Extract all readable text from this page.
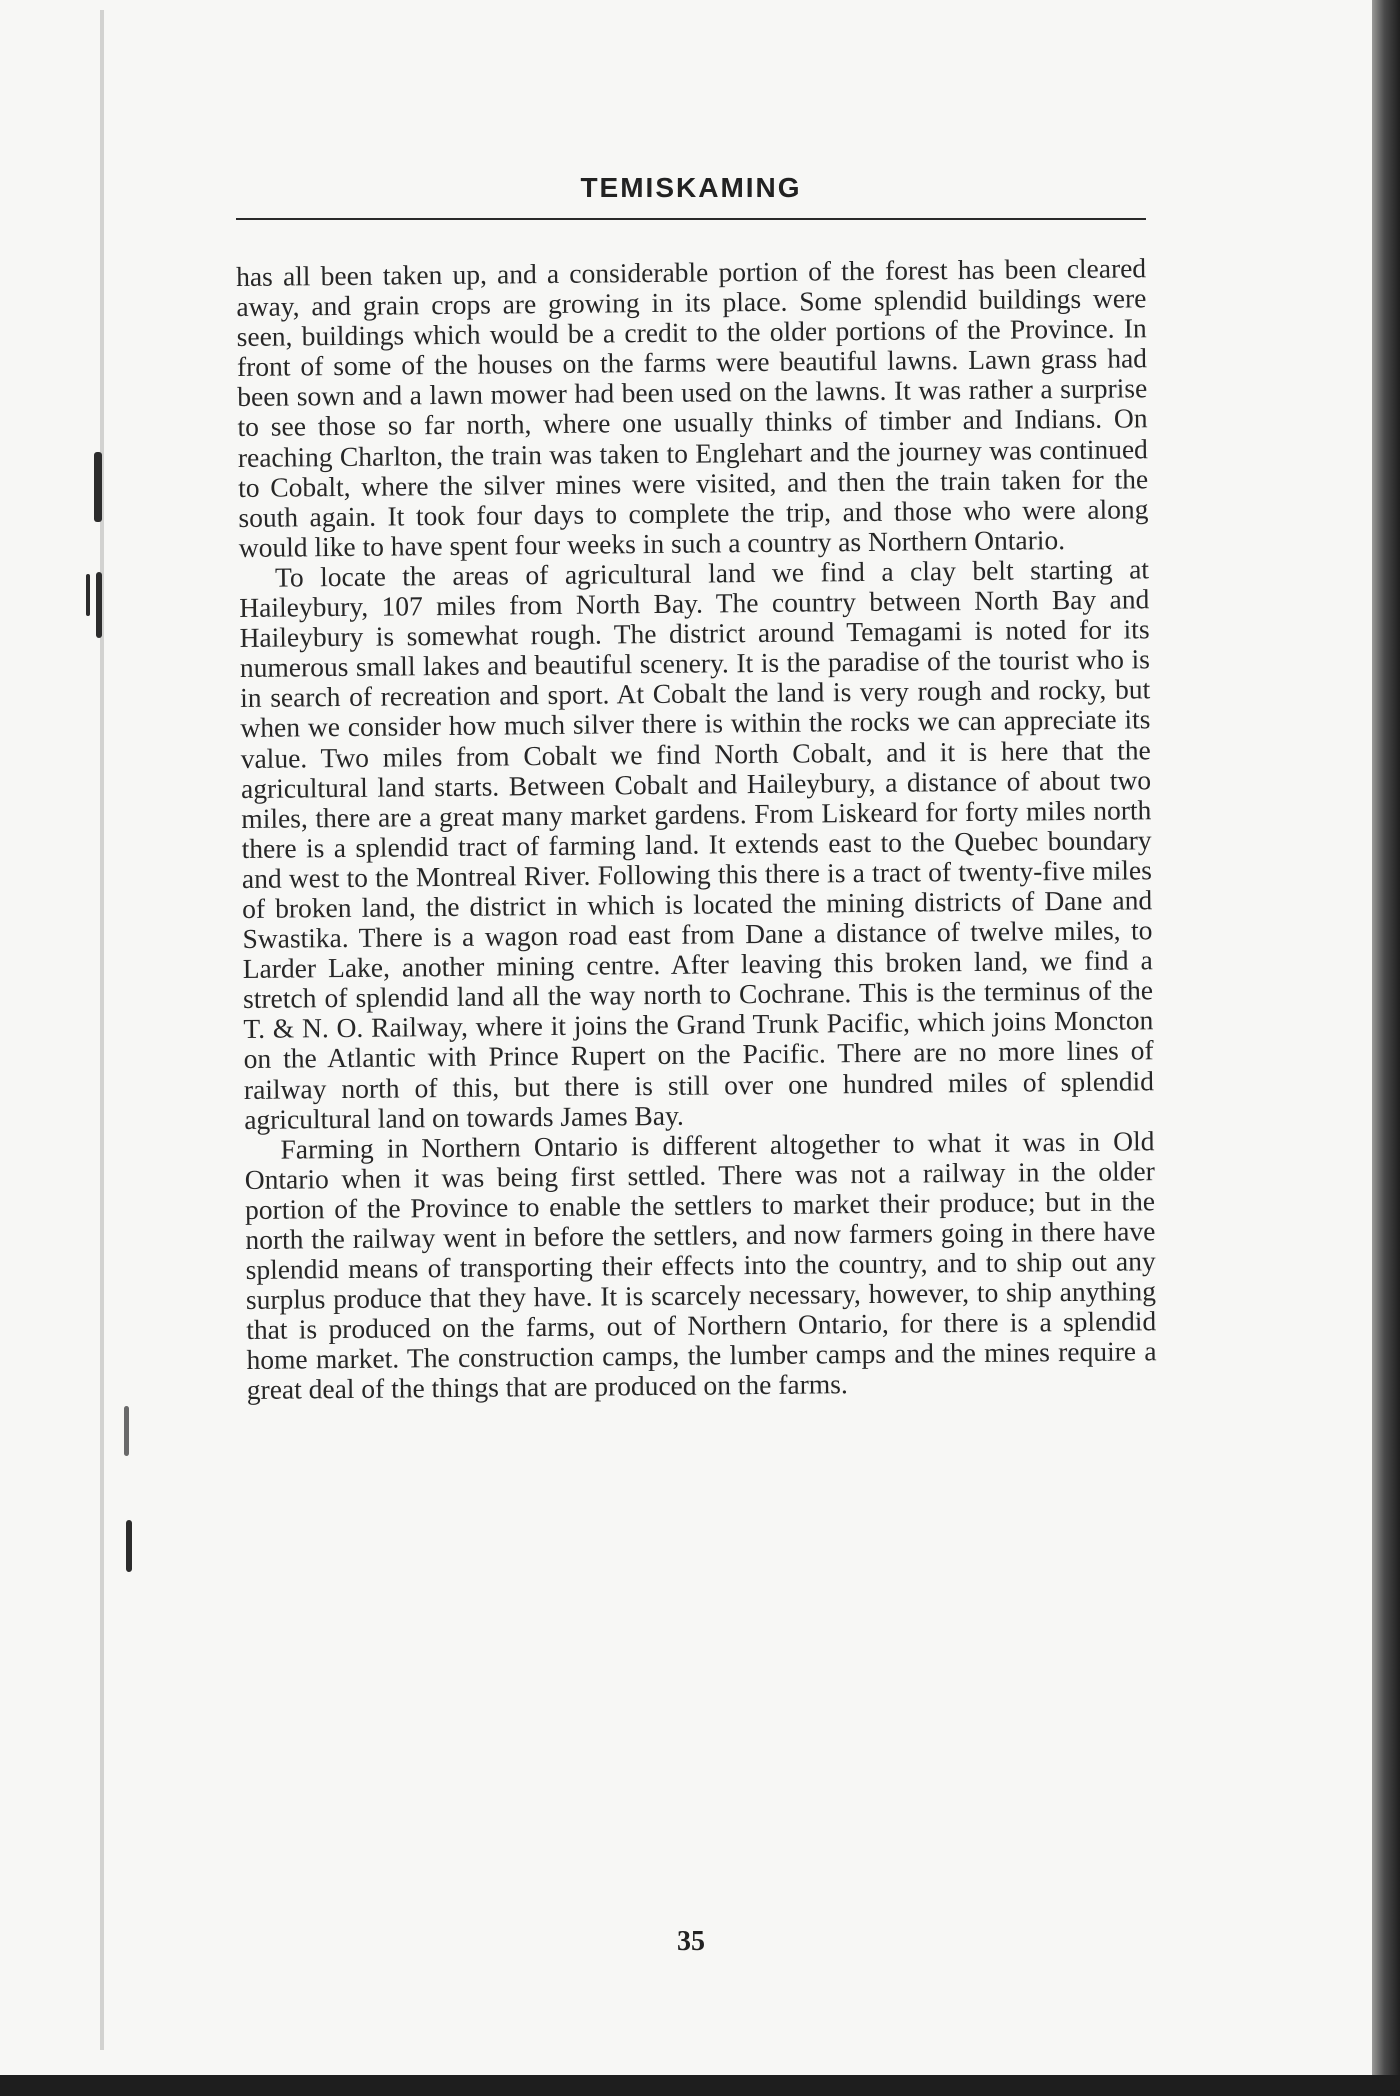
TEMISKAMING

has all been taken up, and a considerable portion of the forest has been cleared away, and grain crops are growing in its place. Some splendid buildings were seen, buildings which would be a credit to the older portions of the Province. In front of some of the houses on the farms were beautiful lawns. Lawn grass had been sown and a lawn mower had been used on the lawns. It was rather a surprise to see those so far north, where one usually thinks of timber and Indians. On reaching Charlton, the train was taken to Englehart and the journey was continued to Cobalt, where the silver mines were visited, and then the train taken for the south again. It took four days to complete the trip, and those who were along would like to have spent four weeks in such a country as Northern Ontario.

To locate the areas of agricultural land we find a clay belt starting at Haileybury, 107 miles from North Bay. The country between North Bay and Haileybury is somewhat rough. The district around Temagami is noted for its numerous small lakes and beautiful scenery. It is the paradise of the tourist who is in search of recreation and sport. At Cobalt the land is very rough and rocky, but when we consider how much silver there is within the rocks we can appreciate its value. Two miles from Cobalt we find North Cobalt, and it is here that the agricultural land starts. Between Cobalt and Haileybury, a distance of about two miles, there are a great many market gardens. From Liskeard for forty miles north there is a splendid tract of farming land. It extends east to the Quebec boundary and west to the Montreal River. Following this there is a tract of twenty-five miles of broken land, the district in which is located the mining districts of Dane and Swastika. There is a wagon road east from Dane a distance of twelve miles, to Larder Lake, another mining centre. After leaving this broken land, we find a stretch of splendid land all the way north to Cochrane. This is the terminus of the T. & N. O. Railway, where it joins the Grand Trunk Pacific, which joins Moncton on the Atlantic with Prince Rupert on the Pacific. There are no more lines of railway north of this, but there is still over one hundred miles of splendid agricultural land on towards James Bay.

Farming in Northern Ontario is different altogether to what it was in Old Ontario when it was being first settled. There was not a railway in the older portion of the Province to enable the settlers to market their produce; but in the north the railway went in before the settlers, and now farmers going in there have splendid means of transporting their effects into the country, and to ship out any surplus produce that they have. It is scarcely necessary, however, to ship anything that is produced on the farms, out of Northern Ontario, for there is a splendid home market. The construction camps, the lumber camps and the mines require a great deal of the things that are produced on the farms.

35
